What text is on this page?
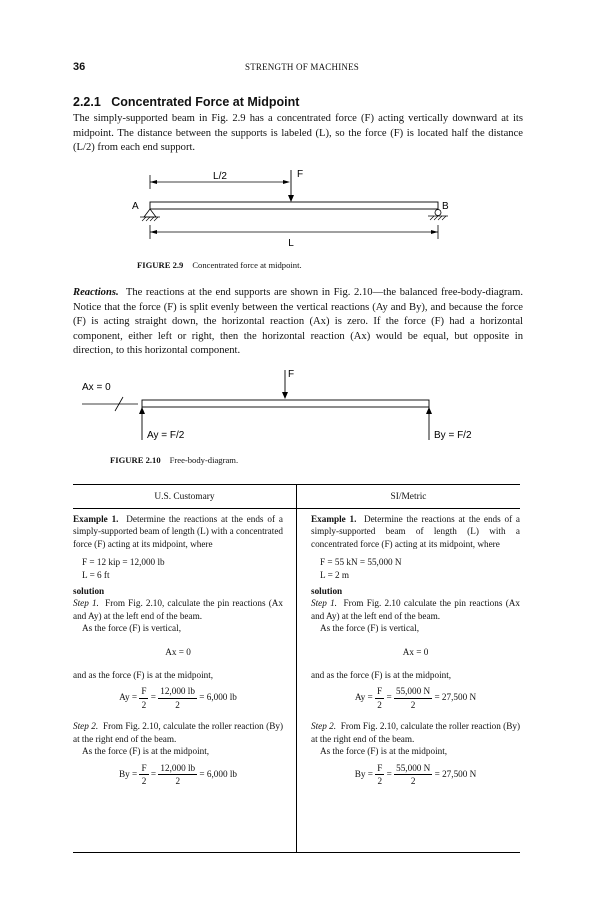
36	STRENGTH OF MACHINES
2.2.1 Concentrated Force at Midpoint
The simply-supported beam in Fig. 2.9 has a concentrated force (F) acting vertically downward at its midpoint. The distance between the supports is labeled (L), so the force (F) is located half the distance (L/2) from each end support.
L/2	F
A	B
L
FIGURE 2.9 Concentrated force at midpoint.
Reactions. The reactions at the end supports are shown in Fig. 2.10—the balanced free-body-diagram. Notice that the force (F) is split evenly between the vertical reactions (Ay and By), and because the force (F) is acting straight down, the horizontal reaction (Ax) is zero. If the force (F) had a horizontal component, either left or right, then the horizontal reaction (Ax) would be equal, but opposite in direction, to this horizontal component.
F
Ax = 0
Ay = F/2	By = F/2
FIGURE 2.10 Free-body-diagram.
U.S. Customary	SI/Metric
Example 1. Determine the reactions at the ends of a simply-supported beam of length (L) with a concentrated force (F) acting at its midpoint, where
F = 12 kip = 12,000 lb
L = 6 ft
solution
Step 1. From Fig. 2.10, calculate the pin reactions (Ax and Ay) at the left end of the beam.
As the force (F) is vertical,
Ax = 0
and as the force (F) is at the midpoint,
$Ay = \frac{F}{2} = \frac{12,000 lb}{2} = 6,000$ lb
Step 2. From Fig. 2.10, calculate the roller reaction (By) at the right end of the beam.
As the force (F) is at the midpoint,
$By = \frac{F}{2} = \frac{12,000 lb}{2} = 6,000$ lb
Example 1. Determine the reactions at the ends of a simply-supported beam of length (L) with a concentrated force (F) acting at its midpoint, where
F = 55 kN = 55,000 N
L = 2 m
solution
Step 1. From Fig. 2.10 calculate the pin reactions (Ax and Ay) at the left end of the beam.
As the force (F) is vertical,
Ax = 0
and as the force (F) is at the midpoint,
$Ay = \frac{F}{2} = \frac{55,000 N}{2} = 27,500$ N
Step 2. From Fig. 2.10, calculate the roller reaction (By) at the right end of the beam.
As the force (F) is at the midpoint,
$By = \frac{F}{2} = \frac{55,000 N}{2} = 27,500$ N
